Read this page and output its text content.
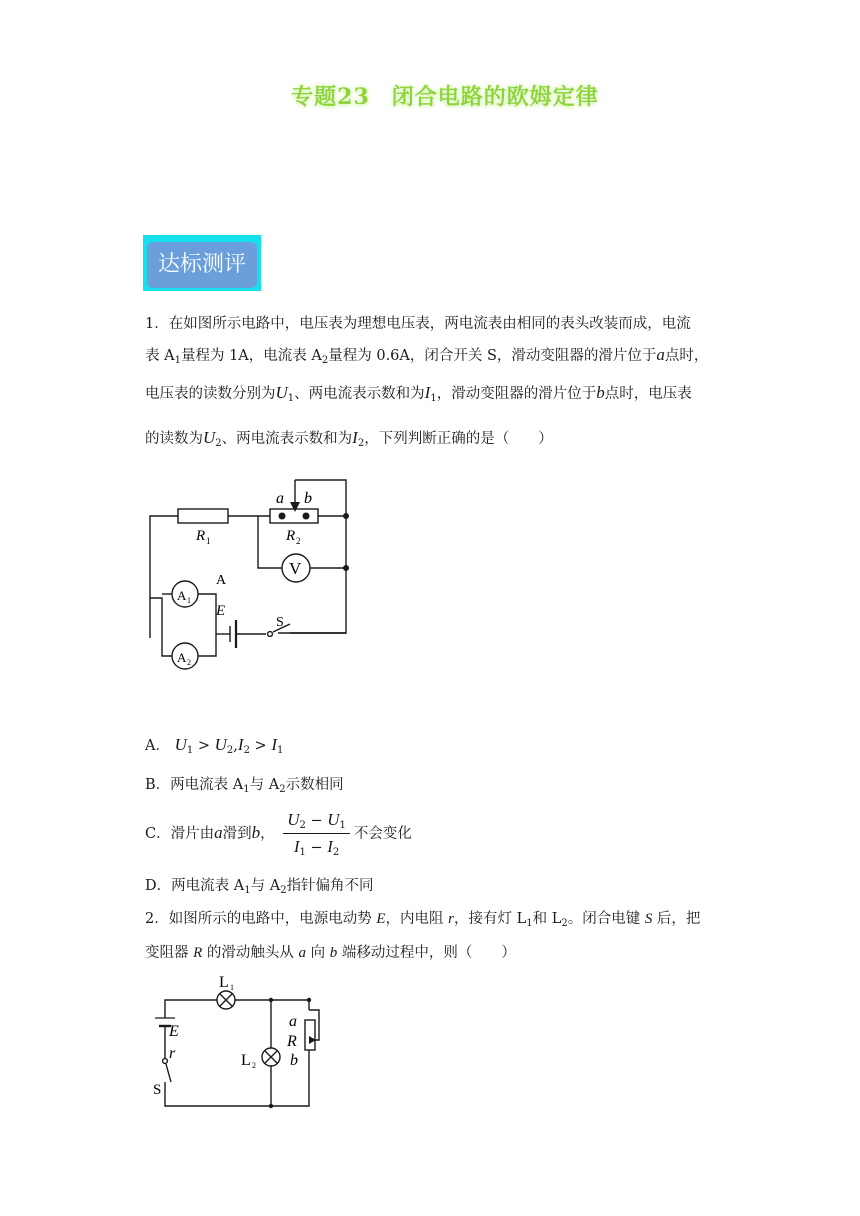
专题23 闭合电路的欧姆定律
达标测评
1．在如图所示电路中，电压表为理想电压表，两电流表由相同的表头改装而成，电流
表 $A_1$量程为 1A，电流表 $A_2$量程为 0.6A，闭合开关 S，滑动变阻器的滑片位于a点时，
电压表的读数分别为$U_1$、两电流表示数和为$I_1$，滑动变阻器的滑片位于b点时，电压表
的读数为$U_2$、两电流表示数和为$I_2$，下列判断正确的是（　　）
a b
R 1	R 2
V
A
E
A 1
A 2
S
A． $U_1 > U_2,I_2 > I_1$
B．两电流表 $A_1$与 $A_2$示数相同
C．滑片由a滑到b， $\frac{U_2 - U_1}{I_1 - I_2}$ 不会变化
D．两电流表 $A_1$与 $A_2$指针偏角不同
2．如图所示的电路中，电源电动势 E，内电阻 r，接有灯 $L_1$和 $L_2$。闭合电键 S 后，把
变阻器 R 的滑动触头从 a 向 b 端移动过程中，则（　　）
L 1
E
r
S
L 2
a
R
b
